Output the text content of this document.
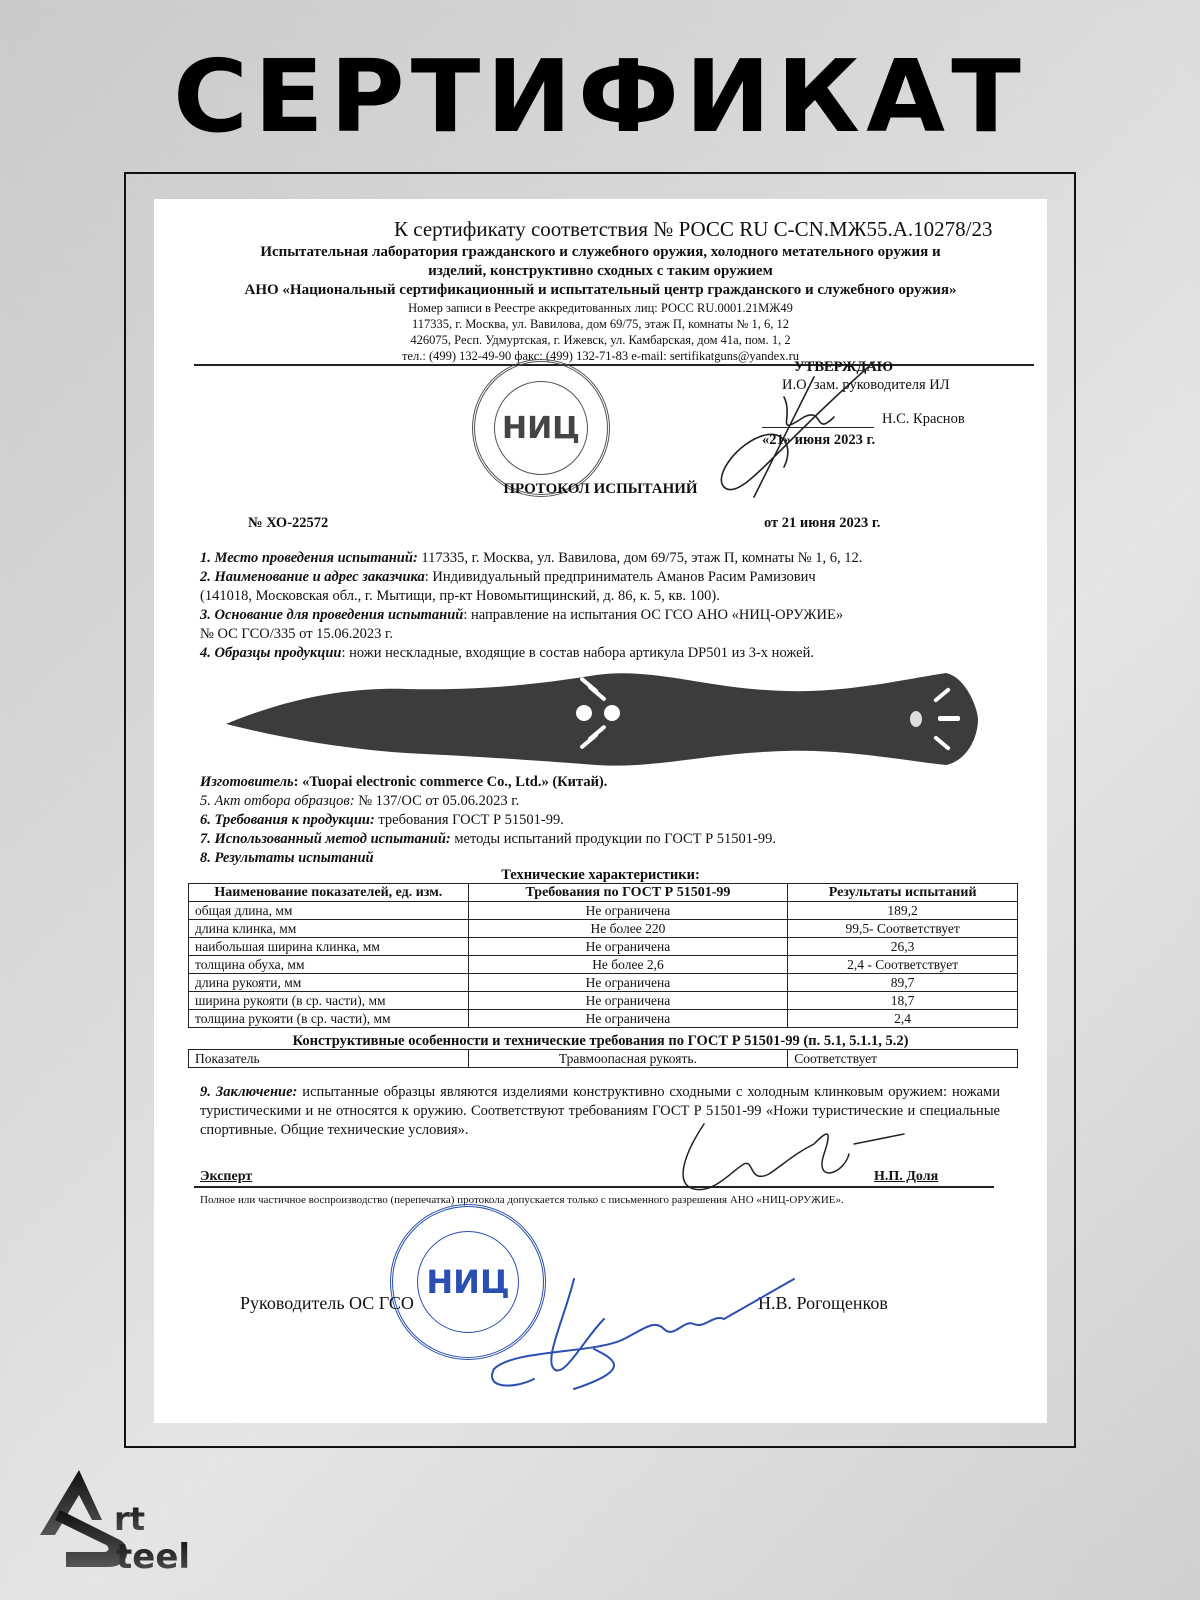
СЕРТИФИКАТ
К сертификату соответствия № РОСС RU C-CN.МЖ55.А.10278/23
Испытательная лаборатория гражданского и служебного оружия, холодного метательного оружия и
изделий, конструктивно сходных с таким оружием
АНО «Национальный сертификационный и испытательный центр гражданского и служебного оружия»
Номер записи в Реестре аккредитованных лиц: РОСС RU.0001.21МЖ49
117335, г. Москва, ул. Вавилова, дом 69/75, этаж П, комнаты № 1, 6, 12
426075, Респ. Удмуртская, г. Ижевск, ул. Камбарская, дом 41а, пом. 1, 2
тел.: (499) 132-49-90 факс: (499) 132-71-83 e-mail: sertifikatguns@yandex.ru
НИЦ
УТВЕРЖДАЮ
И.О. зам. руководителя ИЛ
Н.С. Краснов
«21» июня 2023 г.
ПРОТОКОЛ ИСПЫТАНИЙ
№ ХО-22572	от 21 июня 2023 г.
1. Место проведения испытаний: 117335, г. Москва, ул. Вавилова, дом 69/75, этаж П, комнаты № 1, 6, 12.
2. Наименование и адрес заказчика: Индивидуальный предприниматель Аманов Расим Рамизович
(141018, Московская обл., г. Мытищи, пр-кт Новомытищинский, д. 86, к. 5, кв. 100).
3. Основание для проведения испытаний: направление на испытания ОС ГСО АНО «НИЦ-ОРУЖИЕ»
№ ОС ГСО/335 от 15.06.2023 г.
4. Образцы продукции: ножи нескладные, входящие в состав набора артикула DP501 из 3-х ножей.
Изготовитель: «Tuopai electronic commerce Co., Ltd.» (Китай).
5. Акт отбора образцов: № 137/ОС от 05.06.2023 г.
6. Требования к продукции: требования ГОСТ Р 51501-99.
7. Использованный метод испытаний: методы испытаний продукции по ГОСТ Р 51501-99.
8. Результаты испытаний
Технические характеристики:
Наименование показателей, ед. изм.	Требования по ГОСТ Р 51501-99	Результаты испытаний
общая длина, мм	Не ограничена	189,2
длина клинка, мм	Не более 220	99,5- Соответствует
наибольшая ширина клинка, мм	Не ограничена	26,3
толщина обуха, мм	Не более 2,6	2,4 - Соответствует
длина рукояти, мм	Не ограничена	89,7
ширина рукояти (в ср. части), мм	Не ограничена	18,7
толщина рукояти (в ср. части), мм	Не ограничена	2,4
Конструктивные особенности и технические требования по ГОСТ Р 51501-99 (п. 5.1, 5.1.1, 5.2)
Показатель	Травмоопасная рукоять.	Соответствует
9. Заключение: испытанные образцы являются изделиями конструктивно сходными с холодным клинковым оружием: ножами туристическими и не относятся к оружию. Соответствуют требованиям ГОСТ Р 51501-99 «Ножи туристические и специальные спортивные. Общие технические условия».
Эксперт	Н.П. Доля
Полное или частичное воспроизводство (перепечатка) протокола допускается только с письменного разрешения АНО «НИЦ-ОРУЖИЕ».
НИЦ
Руководитель ОС ГСО	Н.В. Рогощенков
rt
teel
